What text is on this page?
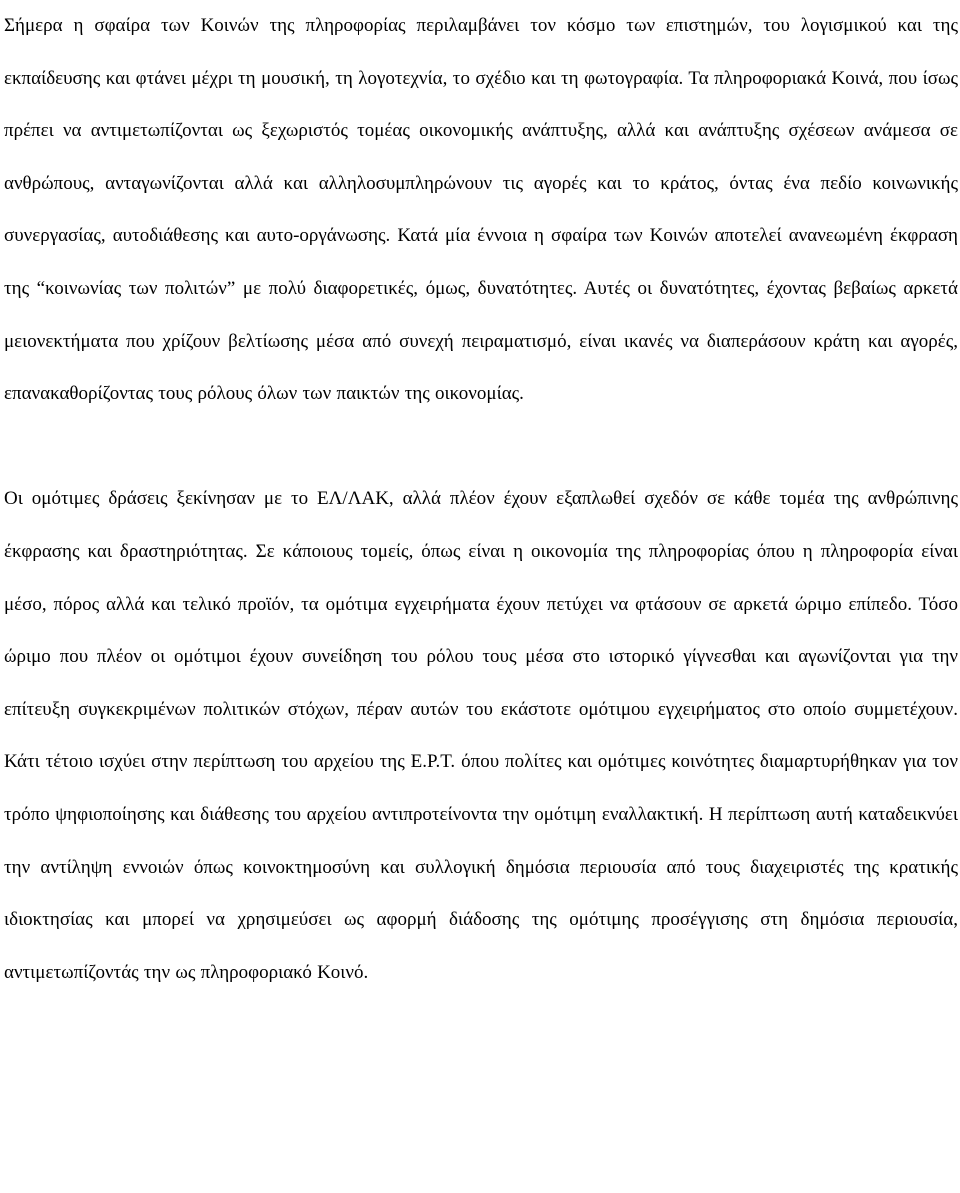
Σήμερα η σφαίρα των Κοινών της πληροφορίας περιλαμβάνει τον κόσμο των επιστημών, του λογισμικού και της εκπαίδευσης και φτάνει μέχρι τη μουσική, τη λογοτεχνία, το σχέδιο και τη φωτογραφία. Τα πληροφοριακά Κοινά, που ίσως πρέπει να αντιμετωπίζονται ως ξεχωριστός τομέας οικονομικής ανάπτυξης, αλλά και ανάπτυξης σχέσεων ανάμεσα σε ανθρώπους, ανταγωνίζονται αλλά και αλληλοσυμπληρώνουν τις αγορές και το κράτος, όντας ένα πεδίο κοινωνικής συνεργασίας, αυτοδιάθεσης και αυτο-οργάνωσης. Κατά μία έννοια η σφαίρα των Κοινών αποτελεί ανανεωμένη έκφραση της “κοινωνίας των πολιτών” με πολύ διαφορετικές, όμως, δυνατότητες. Αυτές οι δυνατότητες, έχοντας βεβαίως αρκετά μειονεκτήματα που χρίζουν βελτίωσης μέσα από συνεχή πειραματισμό, είναι ικανές να διαπεράσουν κράτη και αγορές, επανακαθορίζοντας τους ρόλους όλων των παικτών της οικονομίας.

Οι ομότιμες δράσεις ξεκίνησαν με το ΕΛ/ΛΑΚ, αλλά πλέον έχουν εξαπλωθεί σχεδόν σε κάθε τομέα της ανθρώπινης έκφρασης και δραστηριότητας. Σε κάποιους τομείς, όπως είναι η οικονομία της πληροφορίας όπου η πληροφορία είναι μέσο, πόρος αλλά και τελικό προϊόν, τα ομότιμα εγχειρήματα έχουν πετύχει να φτάσουν σε αρκετά ώριμο επίπεδο. Τόσο ώριμο που πλέον οι ομότιμοι έχουν συνείδηση του ρόλου τους μέσα στο ιστορικό γίγνεσθαι και αγωνίζονται για την επίτευξη συγκεκριμένων πολιτικών στόχων, πέραν αυτών του εκάστοτε ομότιμου εγχειρήματος στο οποίο συμμετέχουν. Κάτι τέτοιο ισχύει στην περίπτωση του αρχείου της Ε.Ρ.Τ. όπου πολίτες και ομότιμες κοινότητες διαμαρτυρήθηκαν για τον τρόπο ψηφιοποίησης και διάθεσης του αρχείου αντιπροτείνοντα την ομότιμη εναλλακτική. Η περίπτωση αυτή καταδεικνύει την αντίληψη εννοιών όπως κοινοκτημοσύνη και συλλογική δημόσια περιουσία από τους διαχειριστές της κρατικής ιδιοκτησίας και μπορεί να χρησιμεύσει ως αφορμή διάδοσης της ομότιμης προσέγγισης στη δημόσια περιουσία, αντιμετωπίζοντάς την ως πληροφοριακό Κοινό.
